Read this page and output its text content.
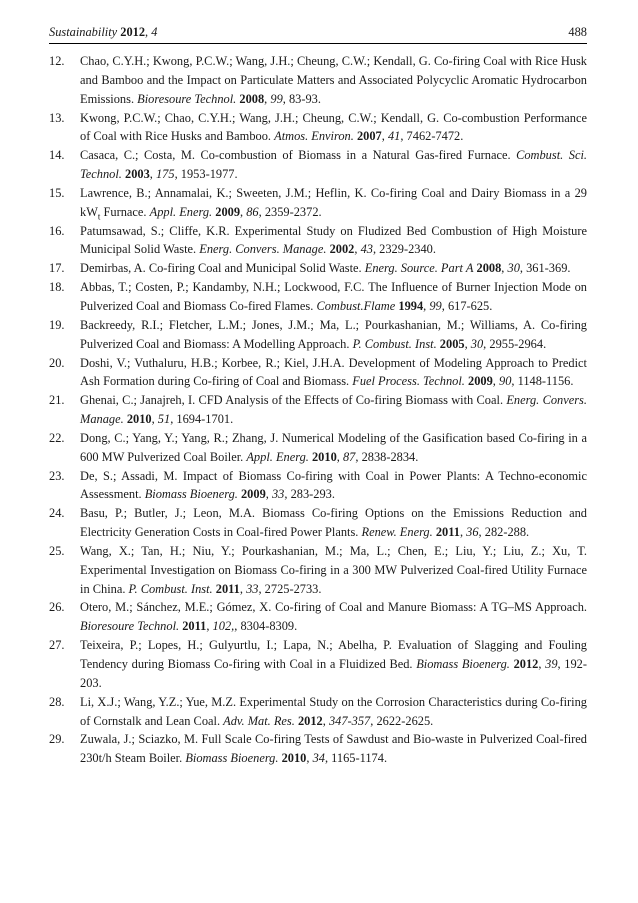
Sustainability 2012, 4	488
12. Chao, C.Y.H.; Kwong, P.C.W.; Wang, J.H.; Cheung, C.W.; Kendall, G. Co-firing Coal with Rice Husk and Bamboo and the Impact on Particulate Matters and Associated Polycyclic Aromatic Hydrocarbon Emissions. Bioresoure Technol. 2008, 99, 83-93.
13. Kwong, P.C.W.; Chao, C.Y.H.; Wang, J.H.; Cheung, C.W.; Kendall, G. Co-combustion Performance of Coal with Rice Husks and Bamboo. Atmos. Environ. 2007, 41, 7462-7472.
14. Casaca, C.; Costa, M. Co-combustion of Biomass in a Natural Gas-fired Furnace. Combust. Sci. Technol. 2003, 175, 1953-1977.
15. Lawrence, B.; Annamalai, K.; Sweeten, J.M.; Heflin, K. Co-firing Coal and Dairy Biomass in a 29 $kW_t$ Furnace. Appl. Energ. 2009, 86, 2359-2372.
16. Patumsawad, S.; Cliffe, K.R. Experimental Study on Fludized Bed Combustion of High Moisture Municipal Solid Waste. Energ. Convers. Manage. 2002, 43, 2329-2340.
17. Demirbas, A. Co-firing Coal and Municipal Solid Waste. Energ. Source. Part A 2008, 30, 361-369.
18. Abbas, T.; Costen, P.; Kandamby, N.H.; Lockwood, F.C. The Influence of Burner Injection Mode on Pulverized Coal and Biomass Co-fired Flames. Combust.Flame 1994, 99, 617-625.
19. Backreedy, R.I.; Fletcher, L.M.; Jones, J.M.; Ma, L.; Pourkashanian, M.; Williams, A. Co-firing Pulverized Coal and Biomass: A Modelling Approach. P. Combust. Inst. 2005, 30, 2955-2964.
20. Doshi, V.; Vuthaluru, H.B.; Korbee, R.; Kiel, J.H.A. Development of Modeling Approach to Predict Ash Formation during Co-firing of Coal and Biomass. Fuel Process. Technol. 2009, 90, 1148-1156.
21. Ghenai, C.; Janajreh, I. CFD Analysis of the Effects of Co-firing Biomass with Coal. Energ. Convers. Manage. 2010, 51, 1694-1701.
22. Dong, C.; Yang, Y.; Yang, R.; Zhang, J. Numerical Modeling of the Gasification based Co-firing in a 600 MW Pulverized Coal Boiler. Appl. Energ. 2010, 87, 2838-2834.
23. De, S.; Assadi, M. Impact of Biomass Co-firing with Coal in Power Plants: A Techno-economic Assessment. Biomass Bioenerg. 2009, 33, 283-293.
24. Basu, P.; Butler, J.; Leon, M.A. Biomass Co-firing Options on the Emissions Reduction and Electricity Generation Costs in Coal-fired Power Plants. Renew. Energ. 2011, 36, 282-288.
25. Wang, X.; Tan, H.; Niu, Y.; Pourkashanian, M.; Ma, L.; Chen, E.; Liu, Y.; Liu, Z.; Xu, T. Experimental Investigation on Biomass Co-firing in a 300 MW Pulverized Coal-fired Utility Furnace in China. P. Combust. Inst. 2011, 33, 2725-2733.
26. Otero, M.; Sánchez, M.E.; Gómez, X. Co-firing of Coal and Manure Biomass: A TG–MS Approach. Bioresoure Technol. 2011, 102,, 8304-8309.
27. Teixeira, P.; Lopes, H.; Gulyurtlu, I.; Lapa, N.; Abelha, P. Evaluation of Slagging and Fouling Tendency during Biomass Co-firing with Coal in a Fluidized Bed. Biomass Bioenerg. 2012, 39, 192-203.
28. Li, X.J.; Wang, Y.Z.; Yue, M.Z. Experimental Study on the Corrosion Characteristics during Co-firing of Cornstalk and Lean Coal. Adv. Mat. Res. 2012, 347-357, 2622-2625.
29. Zuwala, J.; Sciazko, M. Full Scale Co-firing Tests of Sawdust and Bio-waste in Pulverized Coal-fired 230t/h Steam Boiler. Biomass Bioenerg. 2010, 34, 1165-1174.
